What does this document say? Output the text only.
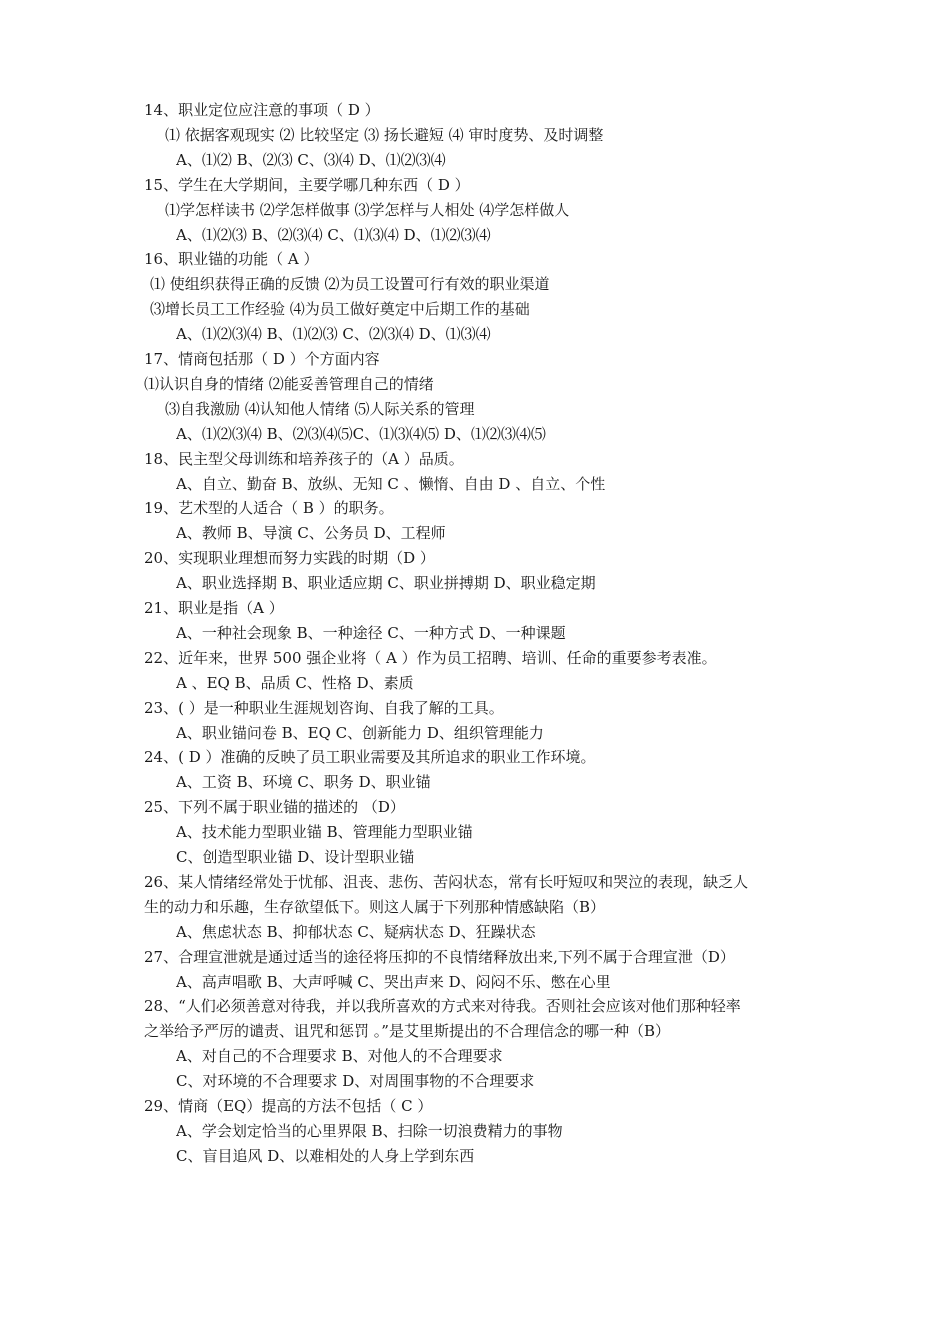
14、职业定位应注意的事项（ D ）
⑴ 依据客观现实 ⑵ 比较坚定 ⑶ 扬长避短 ⑷ 审时度势、及时调整
A、⑴⑵ B、⑵⑶ C、⑶⑷ D、⑴⑵⑶⑷
15、学生在大学期间，主要学哪几种东西（ D ）
⑴学怎样读书 ⑵学怎样做事 ⑶学怎样与人相处 ⑷学怎样做人
A、⑴⑵⑶ B、⑵⑶⑷ C、⑴⑶⑷ D、⑴⑵⑶⑷
16、职业锚的功能（ A ）
⑴ 使组织获得正确的反馈 ⑵为员工设置可行有效的职业渠道
⑶增长员工工作经验 ⑷为员工做好奠定中后期工作的基础
A、⑴⑵⑶⑷ B、⑴⑵⑶ C、⑵⑶⑷ D、⑴⑶⑷
17、情商包括那（ D ）个方面内容
⑴认识自身的情绪 ⑵能妥善管理自己的情绪
⑶自我激励 ⑷认知他人情绪 ⑸人际关系的管理
A、⑴⑵⑶⑷ B、⑵⑶⑷⑸C、⑴⑶⑷⑸ D、⑴⑵⑶⑷⑸
18、民主型父母训练和培养孩子的（A ）品质。
A、自立、勤奋 B、放纵、无知 C 、懒惰、自由 D 、自立、个性
19、艺术型的人适合（ B ）的职务。
A、教师 B、导演 C、公务员 D、工程师
20、实现职业理想而努力实践的时期（D ）
A、职业选择期 B、职业适应期 C、职业拼搏期 D、职业稳定期
21、职业是指（A ）
A、一种社会现象 B、一种途径 C、一种方式 D、一种课题
22、近年来，世界 500 强企业将（ A ）作为员工招聘、培训、任命的重要参考表准。
A 、EQ B、品质 C、性格 D、素质
23、( ）是一种职业生涯规划咨询、自我了解的工具。
A、职业锚问卷 B、EQ C、创新能力 D、组织管理能力
24、( D ）准确的反映了员工职业需要及其所追求的职业工作环境。
A、工资 B、环境 C、职务 D、职业锚
25、下列不属于职业锚的描述的 （D）
A、技术能力型职业锚 B、管理能力型职业锚
C、创造型职业锚 D、设计型职业锚
26、某人情绪经常处于忧郁、沮丧、悲伤、苦闷状态，常有长吁短叹和哭泣的表现，缺乏人
生的动力和乐趣，生存欲望低下。则这人属于下列那种情感缺陷（B）
A、焦虑状态 B、抑郁状态 C、疑病状态 D、狂躁状态
27、合理宣泄就是通过适当的途径将压抑的不良情绪释放出来,下列不属于合理宣泄（D）
A、高声唱歌 B、大声呼喊 C、哭出声来 D、闷闷不乐、憋在心里
28、“人们必须善意对待我，并以我所喜欢的方式来对待我。否则社会应该对他们那种轻率
之举给予严厉的谴责、诅咒和惩罚 。”是艾里斯提出的不合理信念的哪一种（B）
A、对自己的不合理要求 B、对他人的不合理要求
C、对环境的不合理要求 D、对周围事物的不合理要求
29、情商（EQ）提高的方法不包括（ C ）
A、学会划定恰当的心里界限 B、扫除一切浪费精力的事物
C、盲目追风 D、以难相处的人身上学到东西
